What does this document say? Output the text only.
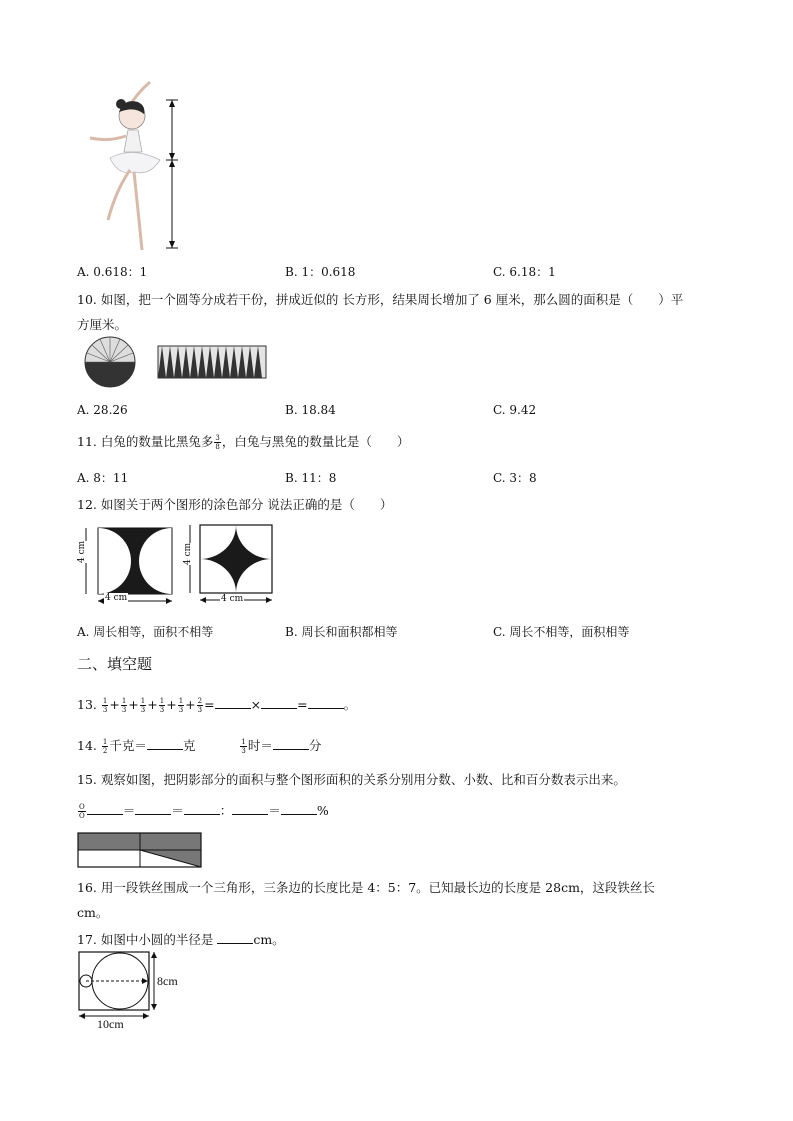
A. 0.618：1	B. 1：0.618	C. 6.18：1
10. 如图，把一个圆等分成若干份，拼成近似的 长方形，结果周长增加了 6 厘米，那么圆的面积是（　　）平
方厘米。
A. 28.26	B. 18.84	C. 9.42
11. 白兔的数量比黑兔多 $\frac{3}{8}$ ，白兔与黑兔的数量比是（　　）
A. 8：11	B. 11：8	C. 3：8
12. 如图关于两个图形的涂色部分 说法正确的是（　　）
4 cm
4 cm
4 cm
4 cm
A. 周长相等，面积不相等	B. 周长和面积都相等	C. 周长不相等，面积相等
二、填空题
13. $\frac{1}{3} + \frac{1}{3} + \frac{1}{3} + \frac{1}{3} + \frac{1}{3} + \frac{2}{3}$ =	×	=	。
14. $\frac{1}{2}$ 千克＝	克	$\frac{1}{3}$ 时＝	分
15. 观察如图，把阴影部分的面积与整个图形面积的关系分别用分数、小数、比和百分数表示出来。
$\frac{O}{O}$	＝	＝	：	＝	%
16. 用一段铁丝围成一个三角形，三条边的长度比是 4：5：7。已知最长边的长度是 28cm，这段铁丝长
cm。
17. 如图中小圆的半径是	cm。
8cm
10cm
